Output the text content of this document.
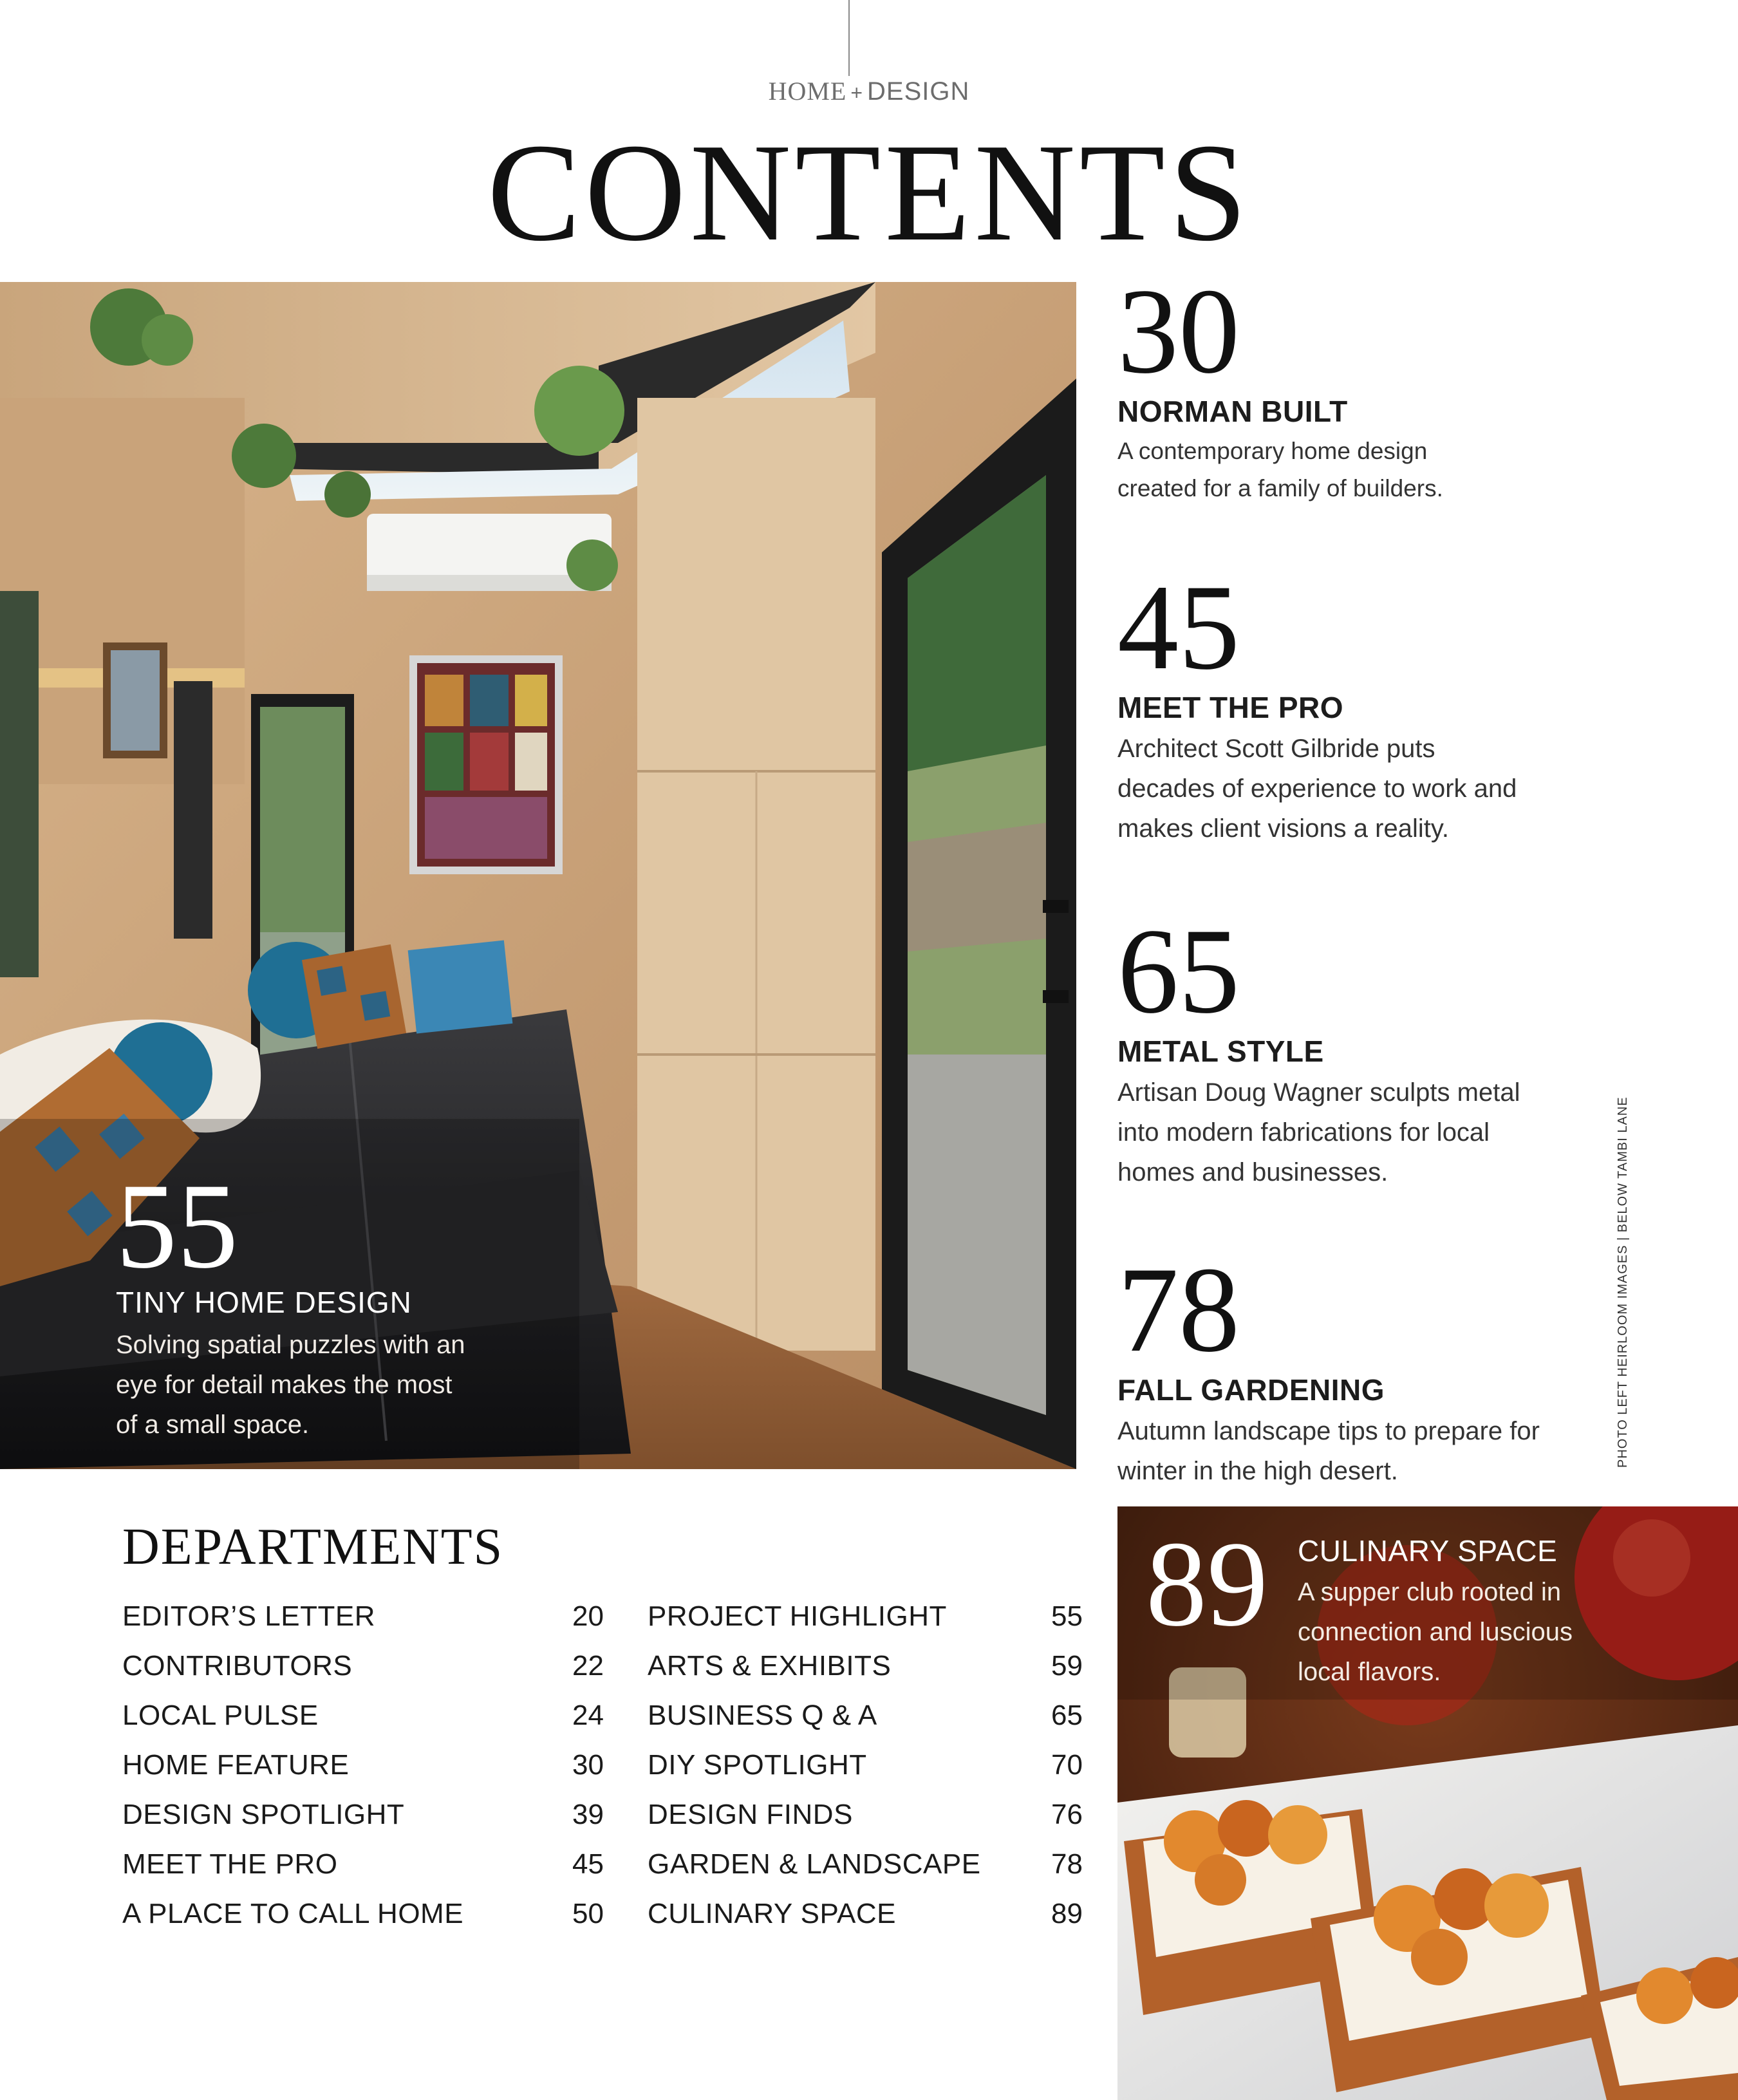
HOME + DESIGN
CONTENTS
55
TINY HOME DESIGN
Solving spatial puzzles with an eye for detail makes the most of a small space.
30
NORMAN BUILT
A contemporary home design created for a family of builders.
45
MEET THE PRO
Architect Scott Gilbride puts decades of experience to work and makes client visions a reality.
65
METAL STYLE
Artisan Doug Wagner sculpts metal into modern fabrications for local homes and businesses.
78
FALL GARDENING
Autumn landscape tips to prepare for winter in the high desert.
PHOTO LEFT HEIRLOOM IMAGES | BELOW TAMBI LANE
DEPARTMENTS
EDITOR’S LETTER	20
CONTRIBUTORS	22
LOCAL PULSE	24
HOME FEATURE	30
DESIGN SPOTLIGHT	39
MEET THE PRO	45
A PLACE TO CALL HOME	50
PROJECT HIGHLIGHT	55
ARTS & EXHIBITS	59
BUSINESS Q & A	65
DIY SPOTLIGHT	70
DESIGN FINDS	76
GARDEN & LANDSCAPE 78
CULINARY SPACE	89
89 CULINARY SPACE
A supper club rooted in connection and luscious local flavors.
